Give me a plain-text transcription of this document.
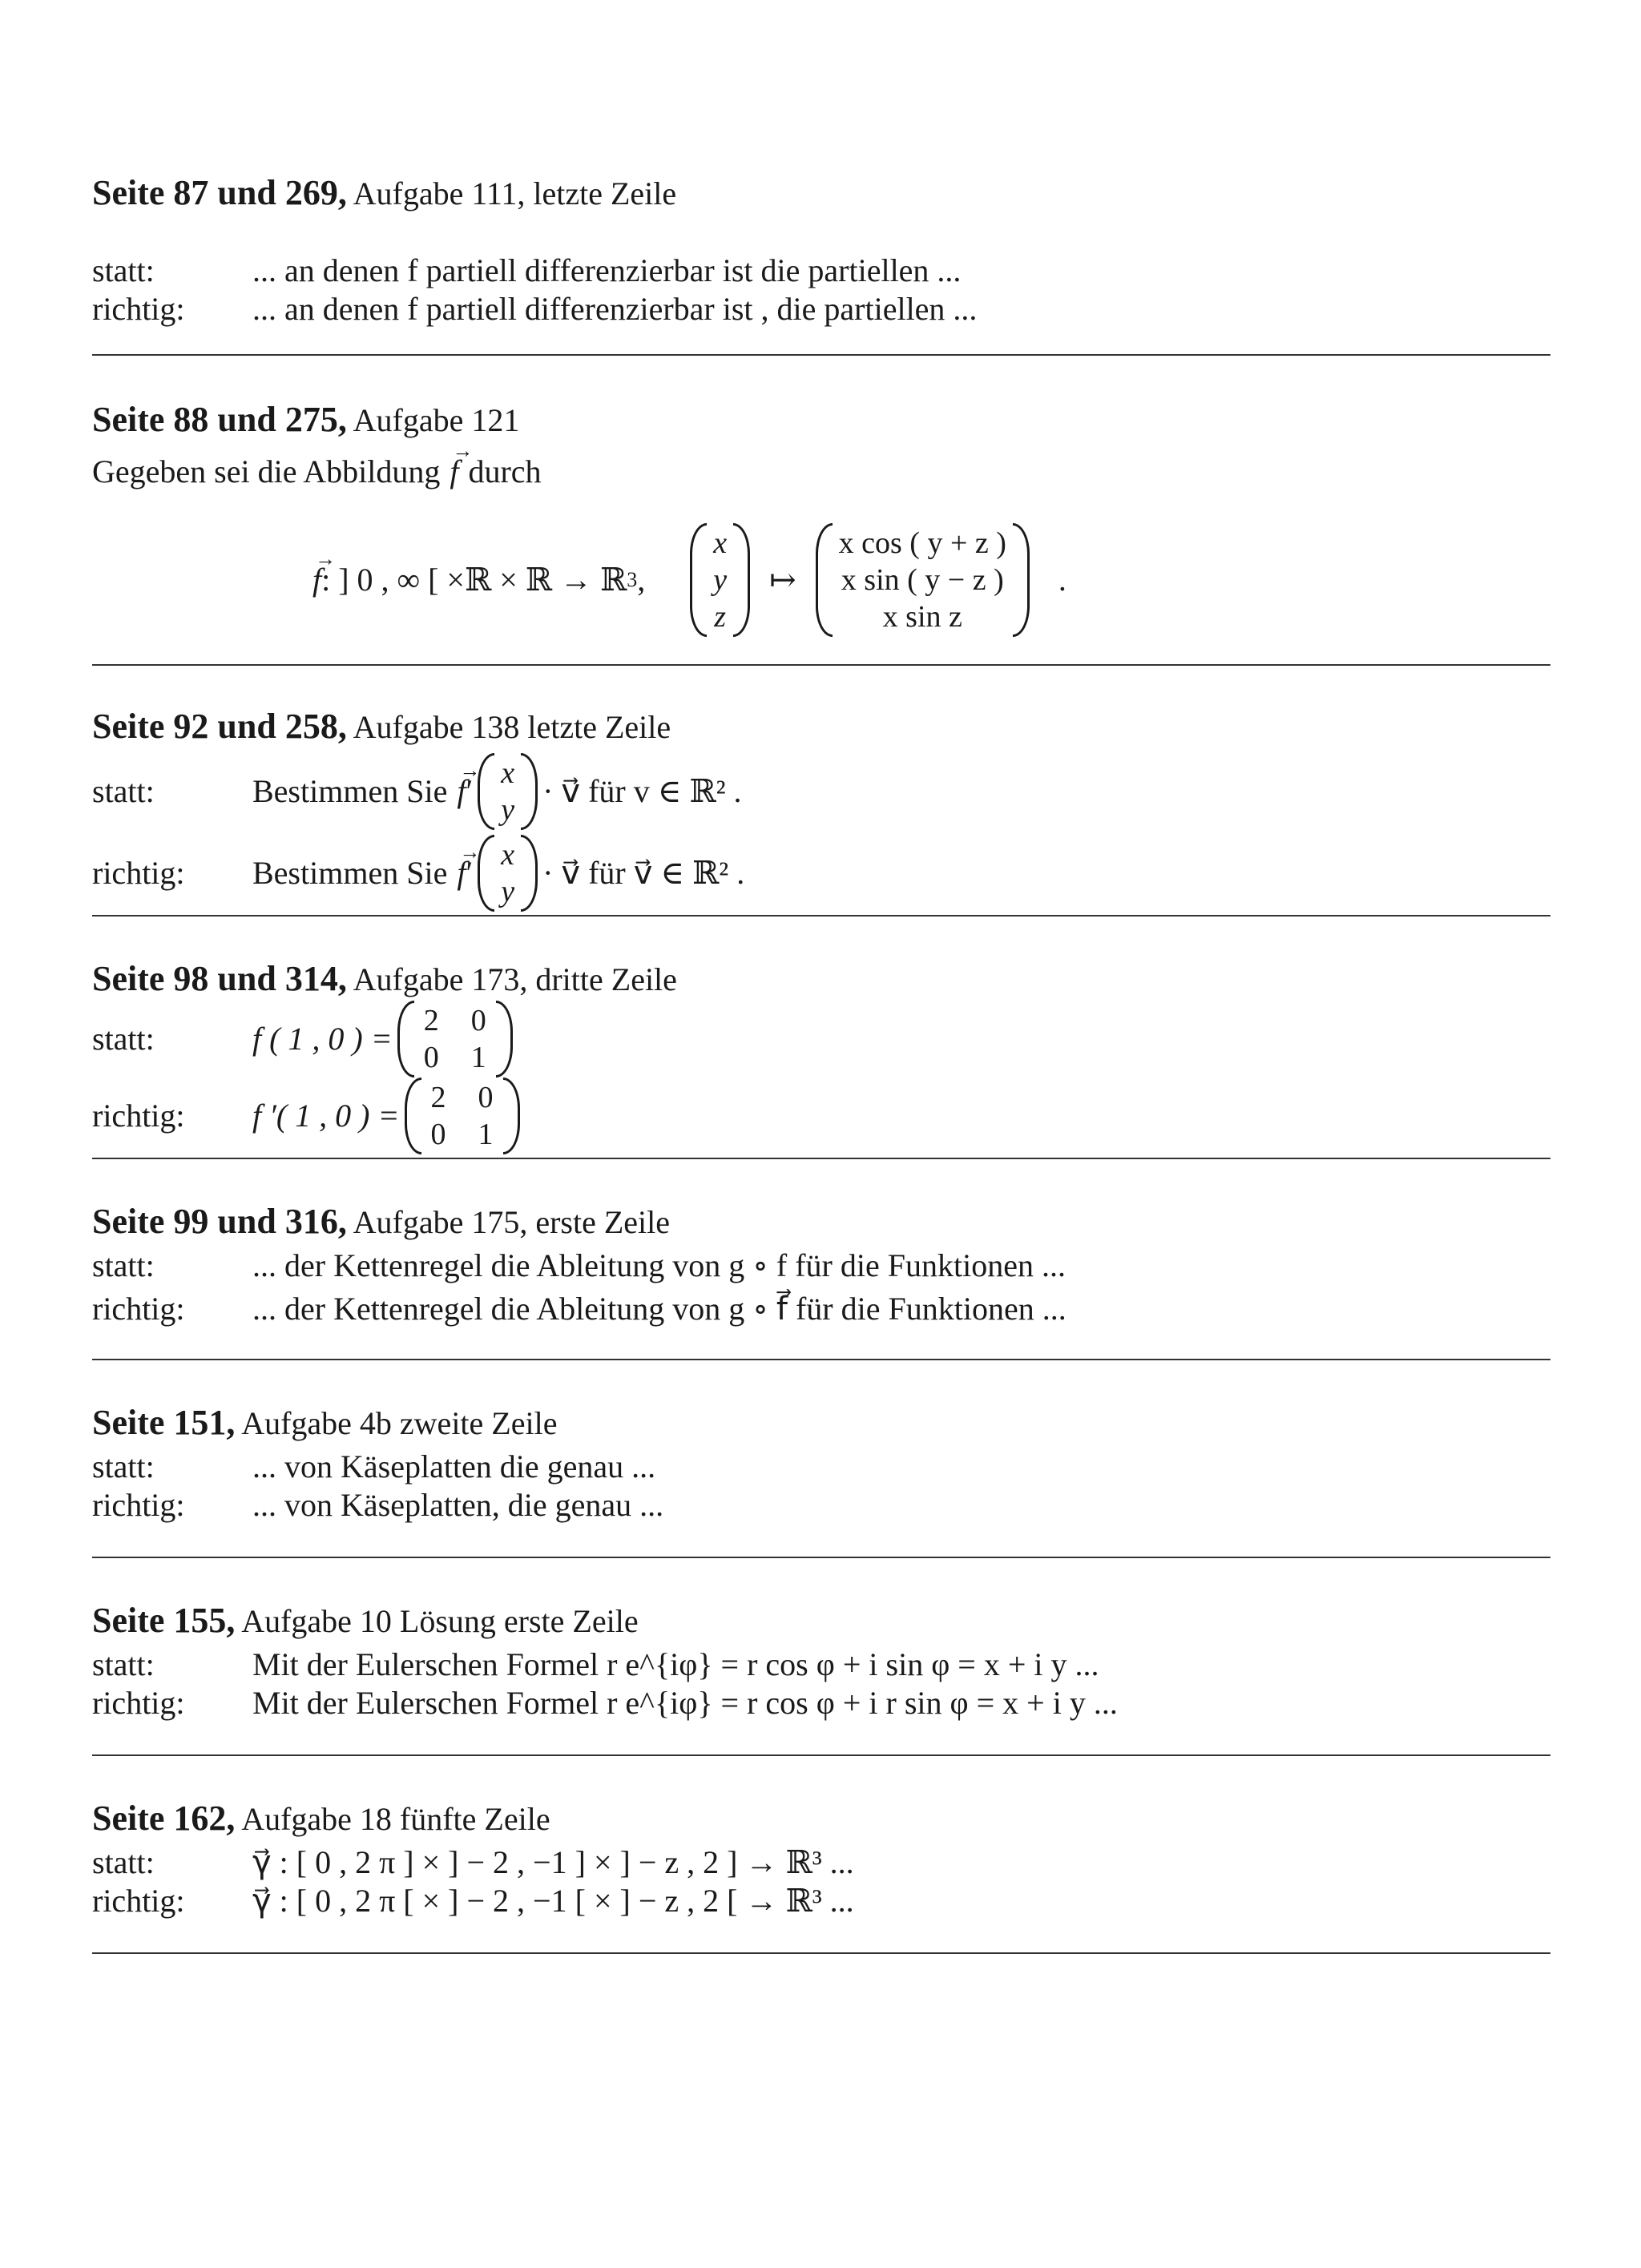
Seite 87 und 269, Aufgabe 111, letzte Zeile
statt:	... an denen f partiell differenzierbar ist die partiellen ...
richtig:	... an denen f partiell differenzierbar ist , die partiellen ...
Seite 88 und 275, Aufgabe 121
Gegeben sei die Abbildung → f durch
→ f : ] 0 , ∞ [ ×ℝ × ℝ → ℝ 3 ,
x
y
z
↦
x cos ( y + z )
x sin ( y − z )
x sin z
.
Seite 92 und 258, Aufgabe 138 letzte Zeile
statt:	Bestimmen Sie → f ′ x
y
· v⃗ für v ∈ ℝ² .
richtig:	Bestimmen Sie → f ′ x
y
· v⃗ für v⃗ ∈ ℝ² .
Seite 98 und 314, Aufgabe 173, dritte Zeile
statt:	f ( 1 , 0 ) = 2 0
0 1
richtig:	f ′( 1 , 0 ) = 2 0
0 1
Seite 99 und 316, Aufgabe 175, erste Zeile
statt:	... der Kettenregel die Ableitung von g ∘ f für die Funktionen ...
richtig:	... der Kettenregel die Ableitung von g ∘ f⃗ für die Funktionen ...
Seite 151, Aufgabe 4b zweite Zeile
statt:	... von Käseplatten die genau ...
richtig:	... von Käseplatten, die genau ...
Seite 155, Aufgabe 10 Lösung erste Zeile
statt:	Mit der Eulerschen Formel r e^{iφ} = r cos φ + i sin φ = x + i y ...
richtig:	Mit der Eulerschen Formel r e^{iφ} = r cos φ + i r sin φ = x + i y ...
Seite 162, Aufgabe 18 fünfte Zeile
statt:	γ⃗ : [ 0 , 2 π ] × ] − 2 , −1 ] × ] − z , 2 ] → ℝ³ ...
richtig:	γ⃗ : [ 0 , 2 π [ × ] − 2 , −1 [ × ] − z , 2 [ → ℝ³ ...
